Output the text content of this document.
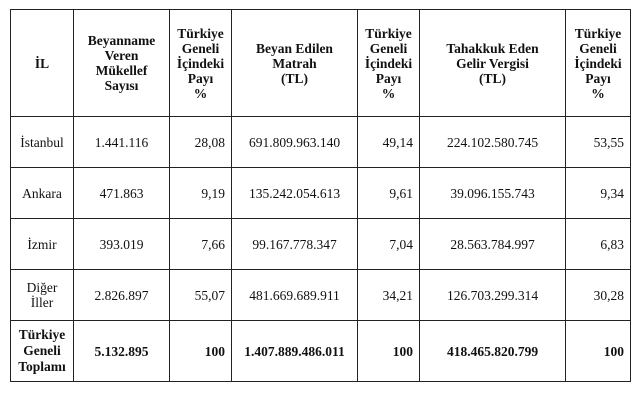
İL	Beyanname
Veren
Mükellef
Sayısı	Türkiye
Geneli
İçindeki
Payı
%	Beyan Edilen
Matrah
(TL)	Türkiye
Geneli
İçindeki
Payı
%	Tahakkuk Eden
Gelir Vergisi
(TL)	Türkiye
Geneli
İçindeki
Payı
%

İstanbul	1.441.116	28,08	691.809.963.140	49,14	224.102.580.745	53,55
Ankara	471.863	9,19	135.242.054.613	9,61	39.096.155.743	9,34
İzmir	393.019	7,66	99.167.778.347	7,04	28.563.784.997	6,83

Diğer
İller	2.826.897	55,07	481.669.689.911	34,21	126.703.299.314	30,28

Türkiye
Geneli
Toplamı	5.132.895	100	1.407.889.486.011	100	418.465.820.799	100
